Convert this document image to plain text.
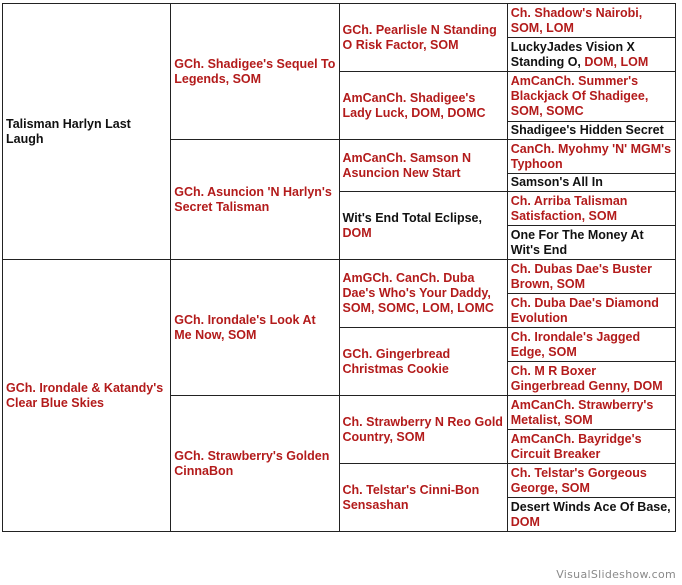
Talisman Harlyn Last Laugh	GCh. Shadigee's Sequel To Legends, SOM	GCh. Pearlisle N Standing O Risk Factor, SOM	Ch. Shadow's Nairobi, SOM, LOM
			LuckyJades Vision X Standing O, DOM, LOM
		AmCanCh. Shadigee's Lady Luck, DOM, DOMC	AmCanCh. Summer's Blackjack Of Shadigee, SOM, SOMC
			Shadigee's Hidden Secret
	GCh. Asuncion 'N Harlyn's Secret Talisman	AmCanCh. Samson N Asuncion New Start	CanCh. Myohmy 'N' MGM's Typhoon
			Samson's All In
		Wit's End Total Eclipse, DOM	Ch. Arriba Talisman Satisfaction, SOM
			One For The Money At Wit's End
GCh. Irondale & Katandy's Clear Blue Skies	GCh. Irondale's Look At Me Now, SOM	AmGCh. CanCh. Duba Dae's Who's Your Daddy, SOM, SOMC, LOM, LOMC	Ch. Dubas Dae's Buster Brown, SOM
			Ch. Duba Dae's Diamond Evolution
		GCh. Gingerbread Christmas Cookie	Ch. Irondale's Jagged Edge, SOM
			Ch. M R Boxer Gingerbread Genny, DOM
	GCh. Strawberry's Golden CinnaBon	Ch. Strawberry N Reo Gold Country, SOM	AmCanCh. Strawberry's Metalist, SOM
			AmCanCh. Bayridge's Circuit Breaker
		Ch. Telstar's Cinni-Bon Sensashan	Ch. Telstar's Gorgeous George, SOM
			Desert Winds Ace Of Base, DOM
VisualSlideshow.com
